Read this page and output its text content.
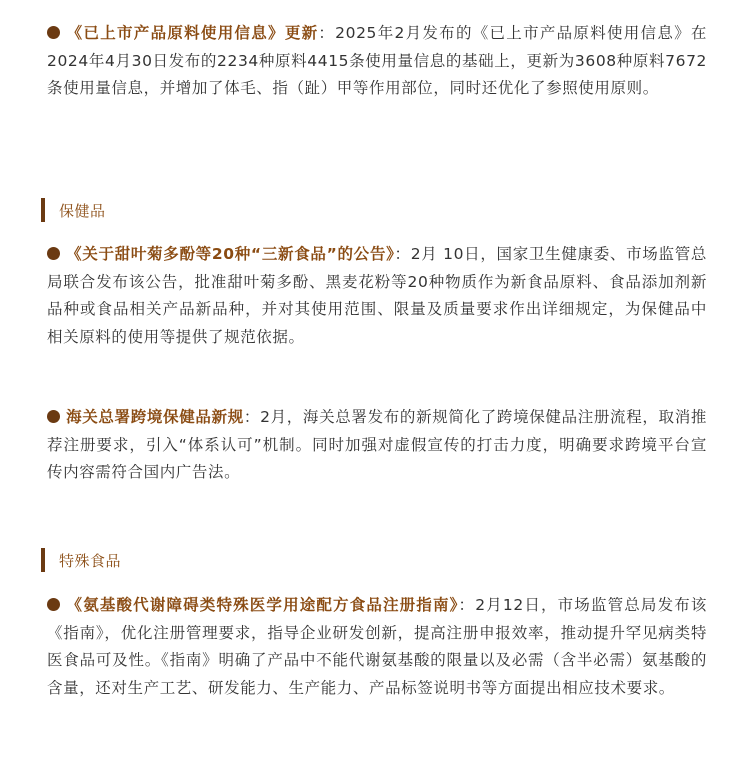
《已上市产品原料使用信息》更新：2025年2月发布的《已上市产品原料使用信息》在 2024年4月30日发布的2234种原料4415条使用量信息的基础上，更新为3608种原料7672条使用量信息，并增加了体毛、指（趾）甲等作用部位，同时还优化了参照使用原则。

保健品

《关于甜叶菊多酚等20种“三新食品”的公告》：2月 10日，国家卫生健康委、市场监管总局联合发布该公告，批准甜叶菊多酚、黑麦花粉等20种物质作为新食品原料、食品添加剂新品种或食品相关产品新品种，并对其使用范围、限量及质量要求作出详细规定，为保健品中相关原料的使用等提供了规范依据。

海关总署跨境保健品新规：2月，海关总署发布的新规简化了跨境保健品注册流程，取消推荐注册要求，引入“体系认可”机制。同时加强对虚假宣传的打击力度，明确要求跨境平台宣传内容需符合国内广告法。

特殊食品

《氨基酸代谢障碍类特殊医学用途配方食品注册指南》：2月12日，市场监管总局发布该《指南》，优化注册管理要求，指导企业研发创新，提高注册申报效率，推动提升罕见病类特医食品可及性。《指南》明确了产品中不能代谢氨基酸的限量以及必需（含半必需）氨基酸的含量，还对生产工艺、研发能力、生产能力、产品标签说明书等方面提出相应技术要求。
